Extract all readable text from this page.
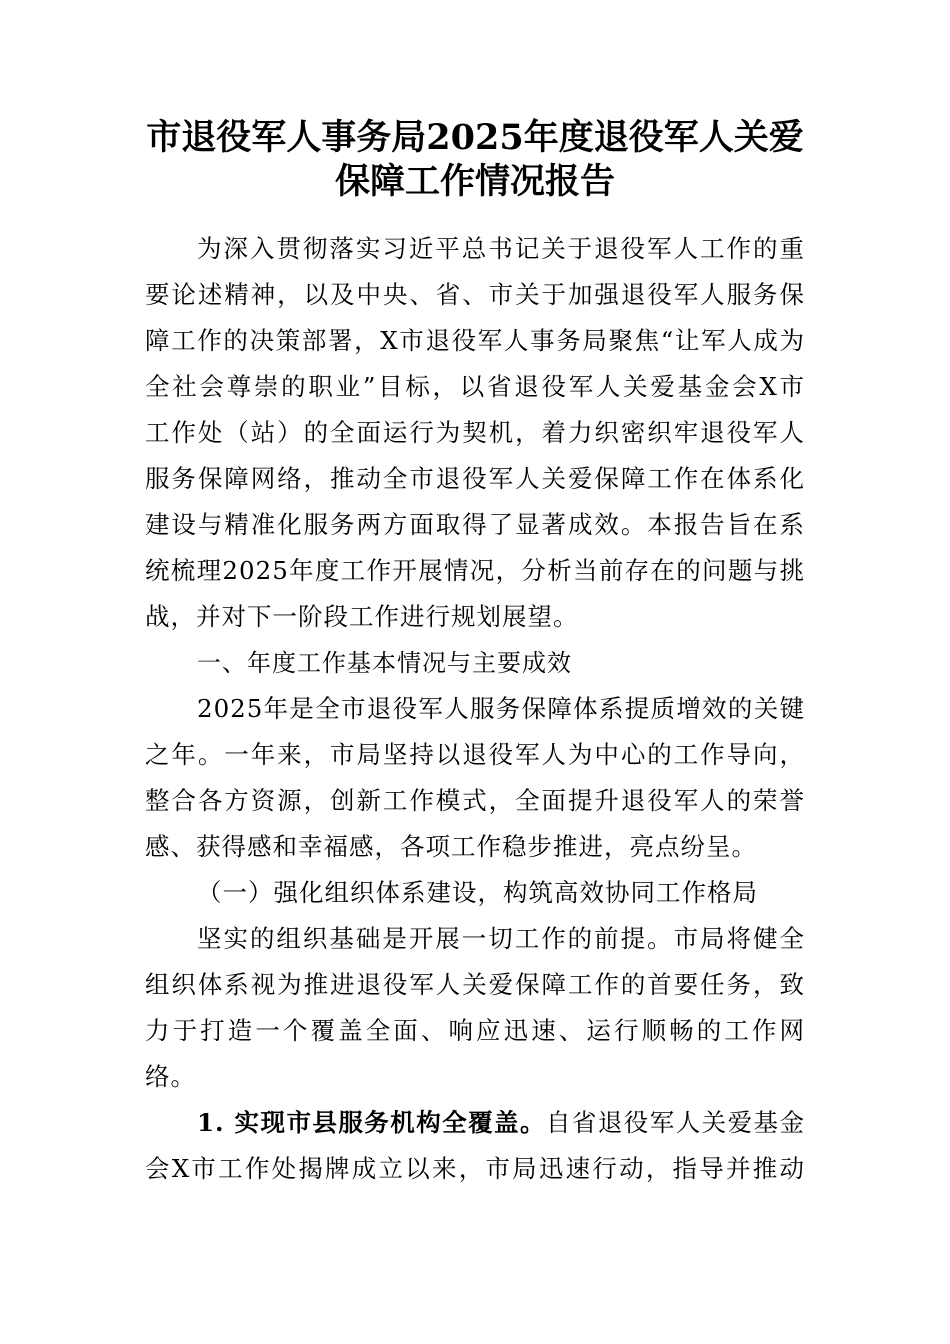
市退役军人事务局2025年度退役军人关爱
保障工作情况报告
为深入贯彻落实习近平总书记关于退役军人工作的重
要论述精神，以及中央、省、市关于加强退役军人服务保
障工作的决策部署，X市退役军人事务局聚焦“让军人成为
全社会尊崇的职业”目标，以省退役军人关爱基金会X市
工作处（站）的全面运行为契机，着力织密织牢退役军人
服务保障网络，推动全市退役军人关爱保障工作在体系化
建设与精准化服务两方面取得了显著成效。本报告旨在系
统梳理2025年度工作开展情况，分析当前存在的问题与挑
战，并对下一阶段工作进行规划展望。
一、年度工作基本情况与主要成效
2025年是全市退役军人服务保障体系提质增效的关键
之年。一年来，市局坚持以退役军人为中心的工作导向，
整合各方资源，创新工作模式，全面提升退役军人的荣誉
感、获得感和幸福感，各项工作稳步推进，亮点纷呈。
（一）强化组织体系建设，构筑高效协同工作格局
坚实的组织基础是开展一切工作的前提。市局将健全
组织体系视为推进退役军人关爱保障工作的首要任务，致
力于打造一个覆盖全面、响应迅速、运行顺畅的工作网
络。
1. 实现市县服务机构全覆盖。自省退役军人关爱基金
会X市工作处揭牌成立以来，市局迅速行动，指导并推动
